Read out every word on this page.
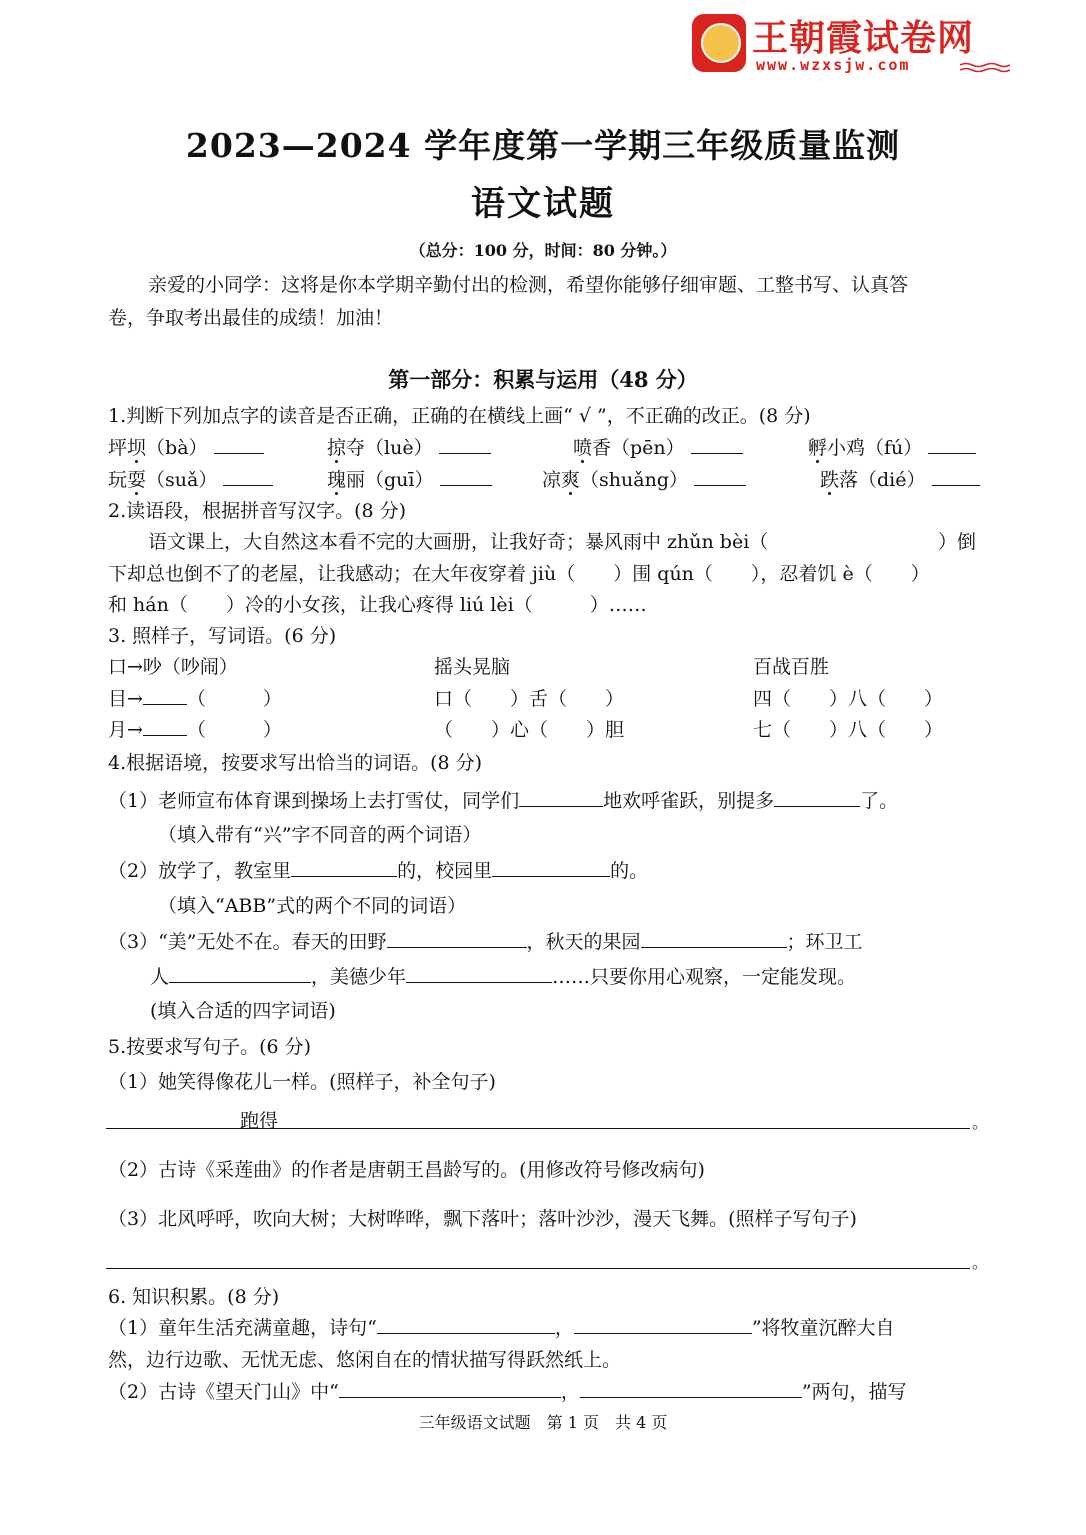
王朝霞试卷网
www.wzxsjw.com
2023—2024 学年度第一学期三年级质量监测
语文试题
（总分：100 分，时间：80 分钟。）
亲爱的小同学：这将是你本学期辛勤付出的检测，希望你能够仔细审题、工整书写、认真答
卷，争取考出最佳的成绩！加油！
第一部分：积累与运用（48 分）
1.判断下列加点字的读音是否正确，正确的在横线上画“ √ ”，不正确的改正。(8 分)
坪坝（bà）	掠夺（luè）	喷香（pēn）	孵小鸡（fú）
玩耍（suǎ）	瑰丽（guī）	凉爽（shuǎng）	跌落（dié）
2.读语段，根据拼音写汉字。(8 分)
语文课上，大自然这本看不完的大画册，让我好奇；暴风雨中 zhǔn bèi（	）倒
下却总也倒不了的老屋，让我感动；在大年夜穿着 jiù（　　）围 qún（　　），忍着饥 è（　　）
和 hán（　　）冷的小女孩，让我心疼得 liú lèi（　　　）……
3. 照样子，写词语。(6 分)
口→吵（吵闹）	摇头晃脑	百战百胜
目→ （　　　）	口（　　）舌（　　）	四（　　）八（　　）
月→ （　　　）	（　　）心（　　）胆	七（　　）八（　　）
4.根据语境，按要求写出恰当的词语。(8 分)
（1）老师宣布体育课到操场上去打雪仗，同学们	地欢呼雀跃，别提多	了。
（填入带有“兴”字不同音的两个词语）
（2）放学了，教室里	的，校园里	的。
（填入“ABB”式的两个不同的词语）
（3）“美”无处不在。春天的田野	，秋天的果园	；环卫工
人	，美德少年	……只要你用心观察，一定能发现。
(填入合适的四字词语)
5.按要求写句子。(6 分)
（1）她笑得像花儿一样。(照样子，补全句子)
跑得	。
（2）古诗《采莲曲》的作者是唐朝王昌龄写的。(用修改符号修改病句)
（3）北风呼呼，吹向大树；大树哗哗，飘下落叶；落叶沙沙，漫天飞舞。(照样子写句子)
。
6. 知识积累。(8 分)
（1）童年生活充满童趣，诗句“	，	”将牧童沉醉大自
然，边行边歌、无忧无虑、悠闲自在的情状描写得跃然纸上。
（2）古诗《望天门山》中“	，	”两句，描写
三年级语文试题　第 1 页　共 4 页
